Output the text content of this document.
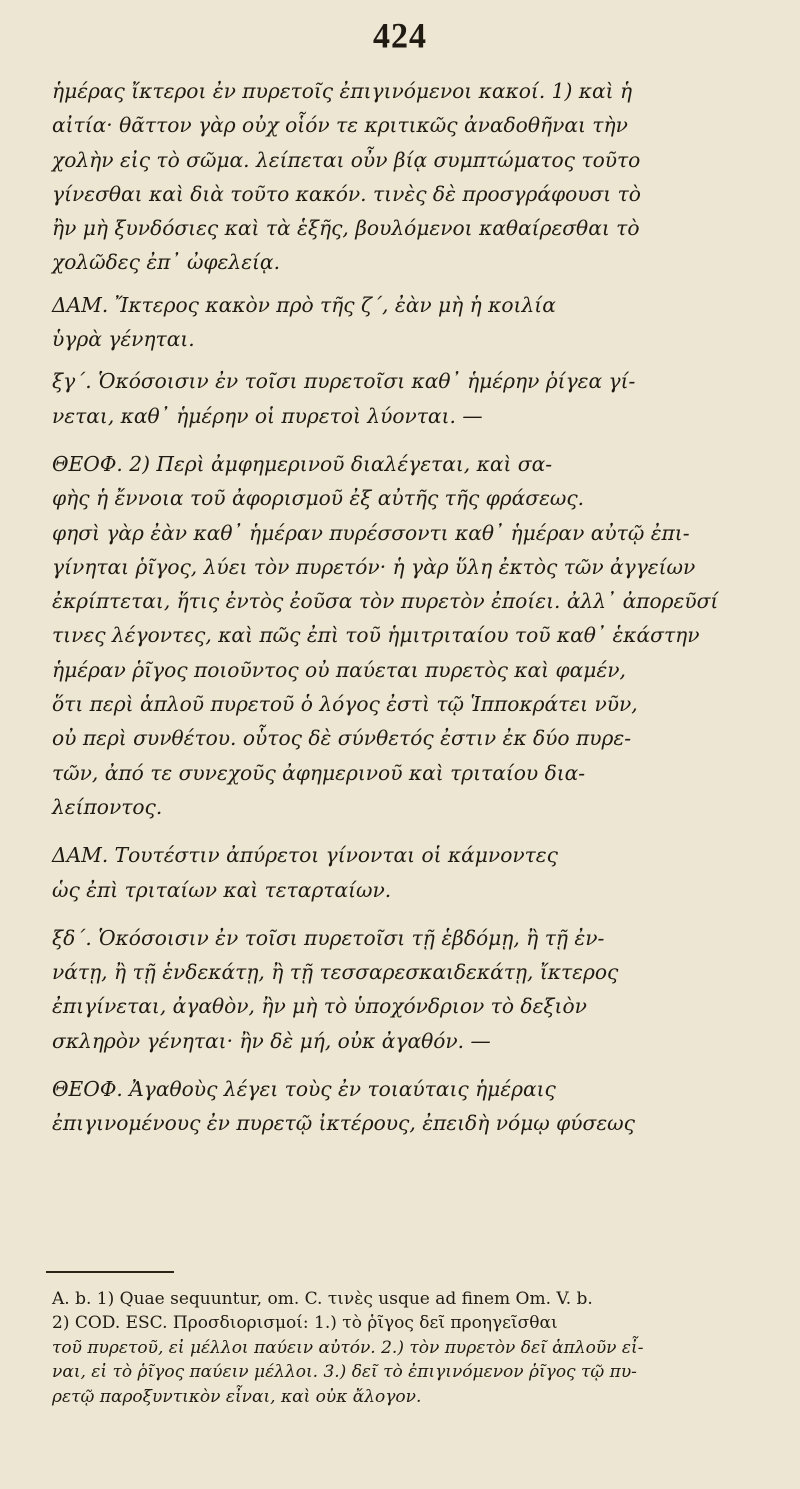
424

ἡμέρας ἴκτεροι ἐν πυρετοῖς ἐπιγινόμενοι κακοί. 1) καὶ ἡ
αἰτία· θᾶττον γὰρ οὐχ οἷόν τε κριτικῶς ἀναδοθῆναι τὴν
χολὴν εἰς τὸ σῶμα. λείπεται οὖν βίᾳ συμπτώματος τοῦτο
γίνεσθαι καὶ διὰ τοῦτο κακόν. τινὲς δὲ προσγράφουσι τὸ
ἢν μὴ ξυνδόσιες καὶ τὰ ἑξῆς, βουλόμενοι καθαίρεσθαι τὸ
χολῶδες ἐπ᾽ ὠφελείᾳ.

ΔΑΜ. Ἴκτερος κακὸν πρὸ τῆς ζ´, ἐὰν μὴ ἡ κοιλία
ὑγρὰ γένηται.

ξγ´. Ὁκόσοισιν ἐν τοῖσι πυρετοῖσι καθ᾽ ἡμέρην ῥίγεα γί-
νεται, καθ᾽ ἡμέρην οἱ πυρετοὶ λύονται. —

ΘΕΟΦ. 2) Περὶ ἀμφημερινοῦ διαλέγεται, καὶ σα-
φὴς ἡ ἔννοια τοῦ ἀφορισμοῦ ἐξ αὐτῆς τῆς φράσεως.
φησὶ γὰρ ἐὰν καθ᾽ ἡμέραν πυρέσσοντι καθ᾽ ἡμέραν αὐτῷ ἐπι-
γίνηται ῥῖγος, λύει τὸν πυρετόν· ἡ γὰρ ὕλη ἐκτὸς τῶν ἀγγείων
ἐκρίπτεται, ἥτις ἐντὸς ἐοῦσα τὸν πυρετὸν ἐποίει. ἀλλ᾽ ἀπορεῦσί
τινες λέγοντες, καὶ πῶς ἐπὶ τοῦ ἡμιτριταίου τοῦ καθ᾽ ἑκάστην
ἡμέραν ῥῖγος ποιοῦντος οὐ παύεται πυρετὸς καὶ φαμέν,
ὅτι περὶ ἁπλοῦ πυρετοῦ ὁ λόγος ἐστὶ τῷ Ἱπποκράτει νῦν,
οὐ περὶ συνθέτου. οὗτος δὲ σύνθετός ἐστιν ἐκ δύο πυρε-
τῶν, ἀπό τε συνεχοῦς ἀφημερινοῦ καὶ τριταίου δια-
λείποντος.

ΔΑΜ. Τουτέστιν ἀπύρετοι γίνονται οἱ κάμνοντες
ὡς ἐπὶ τριταίων καὶ τεταρταίων.

ξδ´. Ὁκόσοισιν ἐν τοῖσι πυρετοῖσι τῇ ἑβδόμῃ, ἢ τῇ ἐν-
νάτῃ, ἢ τῇ ἑνδεκάτῃ, ἢ τῇ τεσσαρεσκαιδεκάτῃ, ἴκτερος
ἐπιγίνεται, ἀγαθὸν, ἢν μὴ τὸ ὑποχόνδριον τὸ δεξιὸν
σκληρὸν γένηται· ἢν δὲ μή, οὐκ ἀγαθόν. —

ΘΕΟΦ. Ἀγαθοὺς λέγει τοὺς ἐν τοιαύταις ἡμέραις
ἐπιγινομένους ἐν πυρετῷ ἰκτέρους, ἐπειδὴ νόμῳ φύσεως

A. b. 1) Quae sequuntur, om. C. τινὲς usque ad finem Om. V. b.
2) COD. ESC. Προσδιορισμοί: 1.) τὸ ῥῖγος δεῖ προηγεῖσθαι
τοῦ πυρετοῦ, εἰ μέλλοι παύειν αὐτόν. 2.) τὸν πυρετὸν δεῖ ἁπλοῦν εἶ-
ναι, εἰ τὸ ῥῖγος παύειν μέλλοι. 3.) δεῖ τὸ ἐπιγινόμενον ῥῖγος τῷ πυ-
ρετῷ παροξυντικὸν εἶναι, καὶ οὐκ ἄλογον.
